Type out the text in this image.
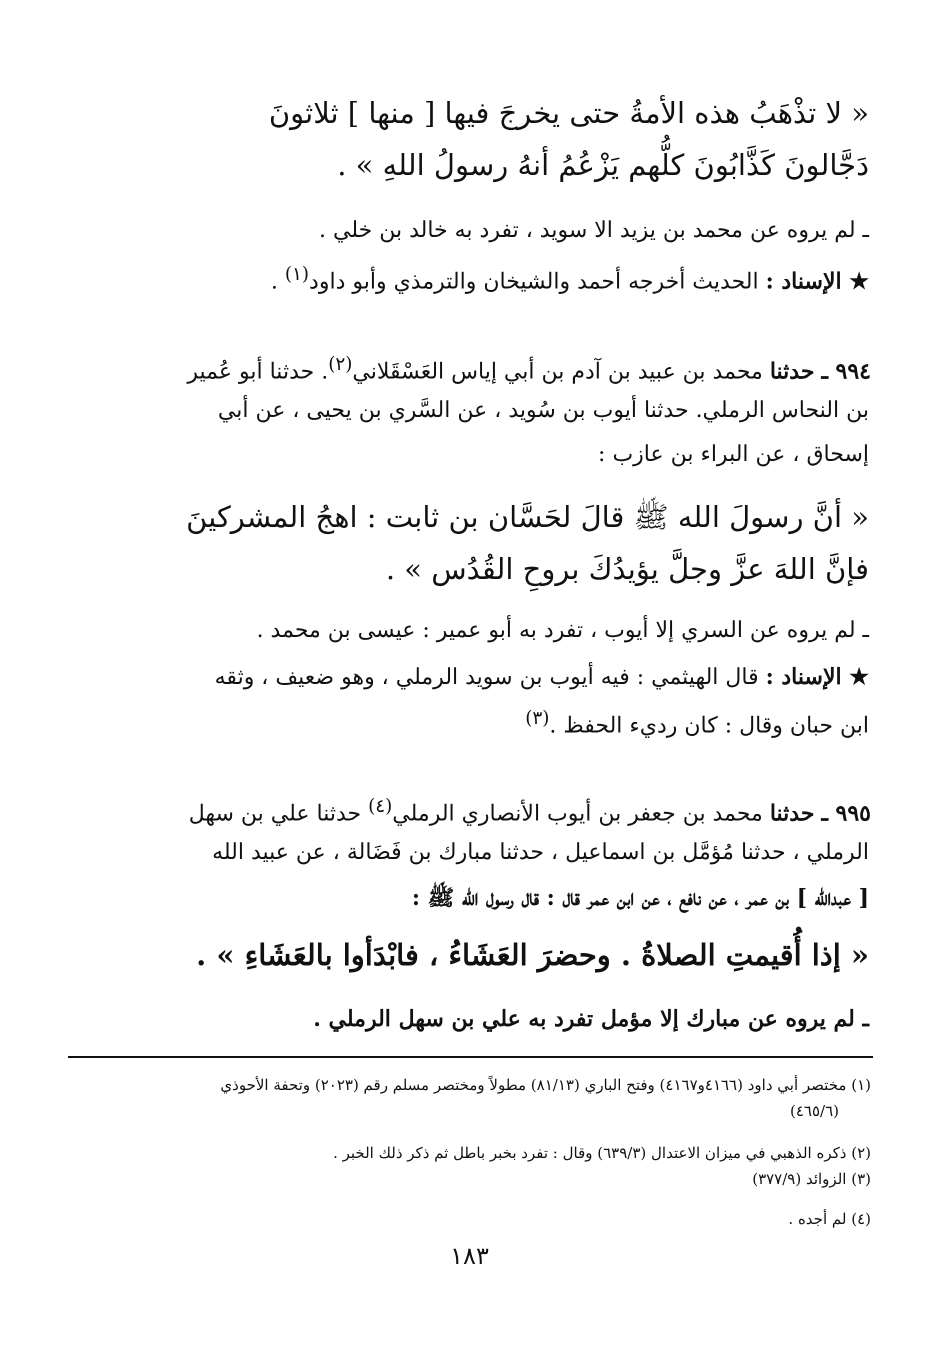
« لا تذْهَبُ هذه الأمةُ حتى يخرجَ فيها [ منها ] ثلاثونَ
دَجَّالونَ كَذَّابُونَ كلُّهم يَزْعُمُ أنهُ رسولُ اللهِ » .
ـ لم يروه عن محمد بن يزيد الا سويد ، تفرد به خالد بن خلي .
★ الإسناد : الحديث أخرجه أحمد والشيخان والترمذي وأبو داود$^{(١)}$ .
٩٩٤ ـ حدثنا محمد بن عبيد بن آدم بن أبي إياس العَسْقَلاني$^{(٢)}$. حدثنا أبو عُمير
بن النحاس الرملي. حدثنا أيوب بن سُويد ، عن السَّري بن يحيى ، عن أبي
إسحاق ، عن البراء بن عازب :
« أنَّ رسولَ الله ﷺ قالَ لحَسَّان بن ثابت : اهجُ المشركينَ
فإنَّ اللهَ عزَّ وجلَّ يؤيدُكَ بروحِ القُدُس » .
ـ لم يروه عن السري إلا أيوب ، تفرد به أبو عمير : عيسى بن محمد .
★ الإسناد : قال الهيثمي : فيه أيوب بن سويد الرملي ، وهو ضعيف ، وثقه
ابن حبان وقال : كان رديء الحفظ .$^{(٣)}$
٩٩٥ ـ حدثنا محمد بن جعفر بن أيوب الأنصاري الرملي$^{(٤)}$ حدثنا علي بن سهل
الرملي ، حدثنا مُؤمَّل بن اسماعيل ، حدثنا مبارك بن فَضَالة ، عن عبيد الله
[ عبدالله ] بن عمر ، عن نافع ، عن ابن عمر قال : قال رسول الله ﷺ :
« إذا أُقيمتِ الصلاةُ . وحضرَ العَشَاءُ ، فابْدَأوا بالعَشَاءِ » .
ـ لم يروه عن مبارك إلا مؤمل تفرد به علي بن سهل الرملي .
(١) مختصر أبي داود (٤١٦٦و٤١٦٧) وفتح الباري (٨١/١٣) مطولاً ومختصر مسلم رقم (٢٠٢٣) وتحفة الأحوذي
(٤٦٥/٦)
(٢) ذكره الذهبي في ميزان الاعتدال (٦٣٩/٣) وقال : تفرد بخبر باطل ثم ذكر ذلك الخبر .
(٣) الزوائد (٣٧٧/٩)
(٤) لم أجده .
١٨٣
